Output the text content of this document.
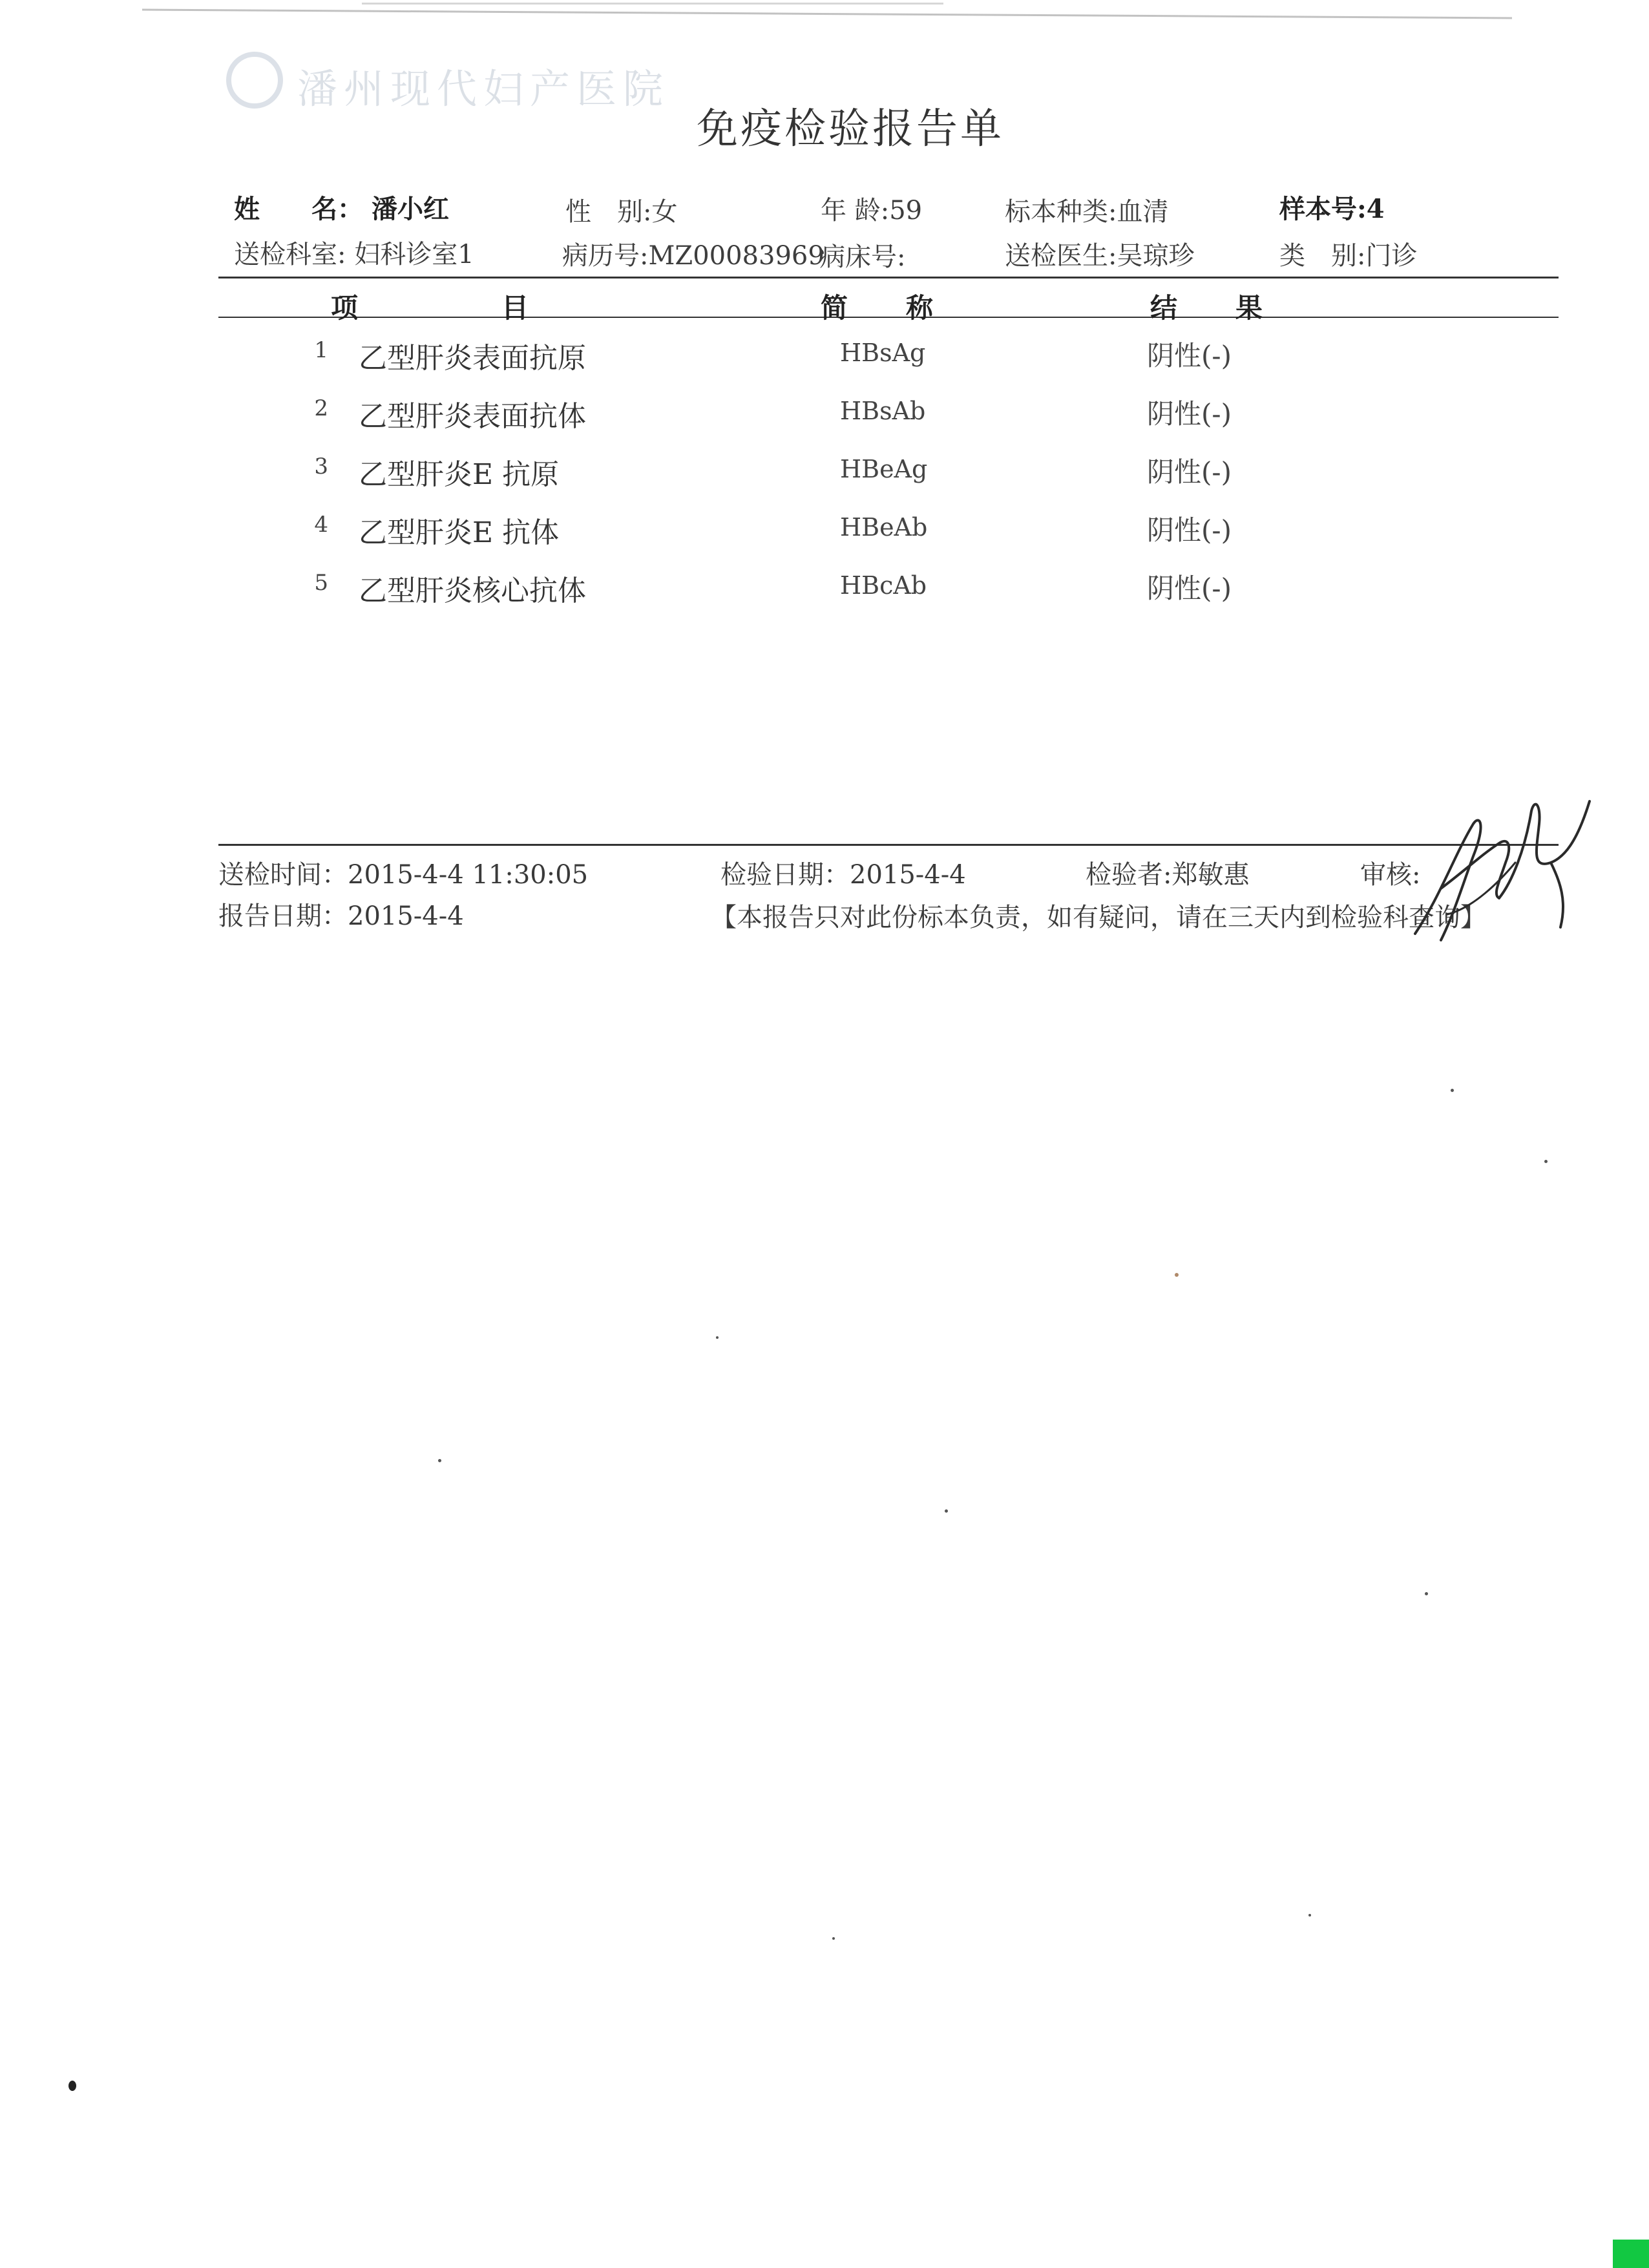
潘州现代妇产医院
免疫检验报告单
姓　　名： 潘小红	性　别:女	年 龄:59	标本种类:血清	样本号:4
送检科室: 妇科诊室1	病历号:MZ00083969
病床号:	送检医生:吴琼珍	类　别:门诊
项　　　　　目	简　　称	结　　果
1 乙型肝炎表面抗原	HBsAg	阴性(-)
2 乙型肝炎表面抗体	HBsAb	阴性(-)
3 乙型肝炎E 抗原	HBeAg	阴性(-)
4 乙型肝炎E 抗体	HBeAb	阴性(-)
5 乙型肝炎核心抗体	HBcAb	阴性(-)
送检时间：2015-4-4 11:30:05	检验日期：2015-4-4	检验者:郑敏惠	审核:
报告日期：2015-4-4	【本报告只对此份标本负责，如有疑问，请在三天内到检验科查询】
